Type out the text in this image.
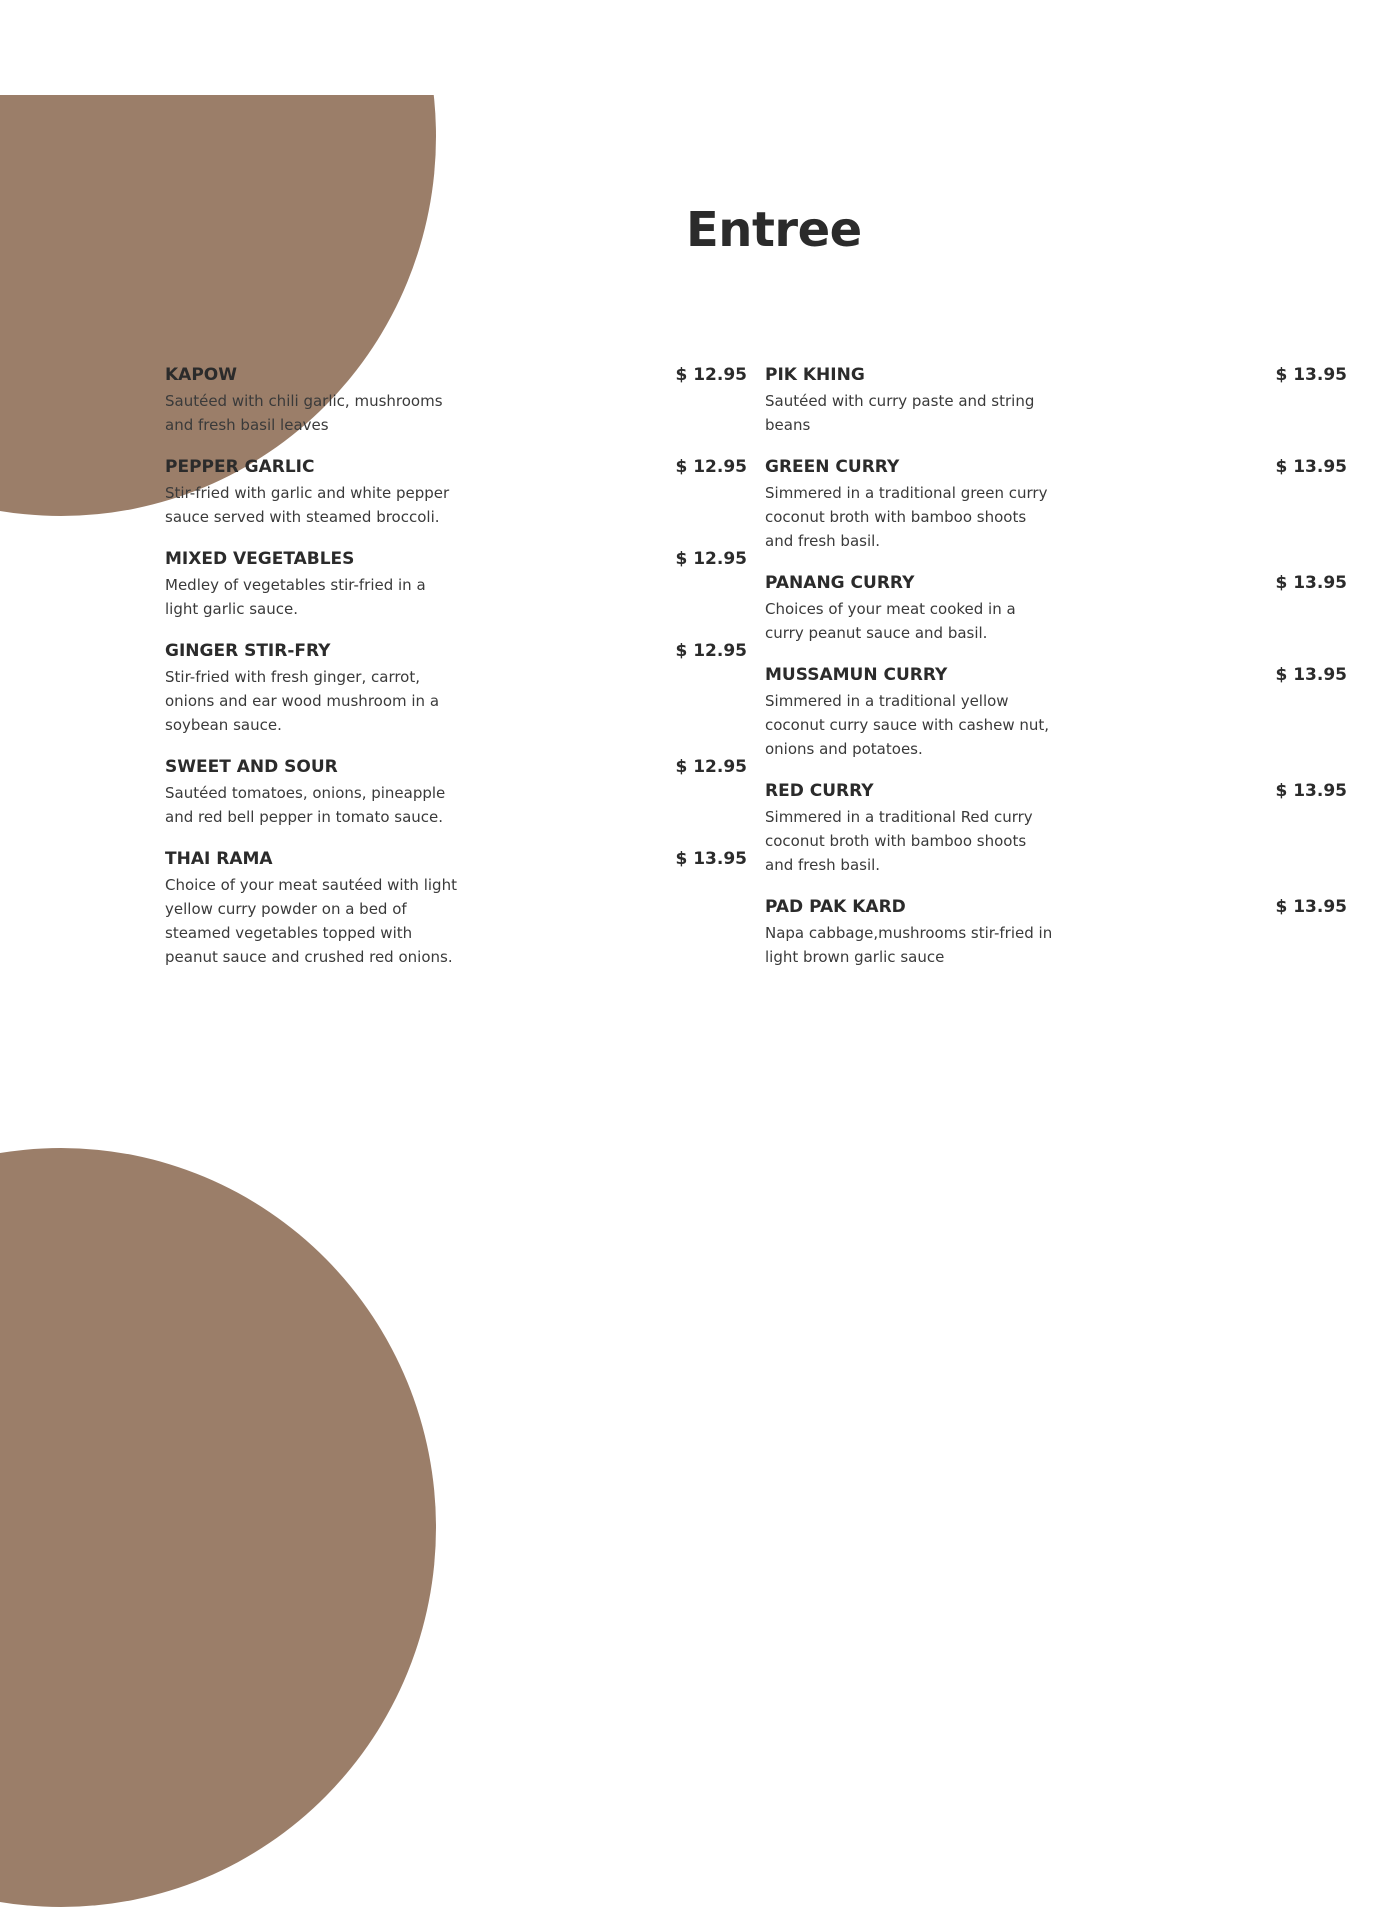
Entree
KAPOW	$ 12.95
Sautéed with chili garlic, mushrooms and fresh basil leaves
PEPPER GARLIC	$ 12.95
Stir-fried with garlic and white pepper sauce served with steamed broccoli.
MIXED VEGETABLES	$ 12.95
Medley of vegetables stir-fried in a light garlic sauce.
GINGER STIR-FRY	$ 12.95
Stir-fried with fresh ginger, carrot, onions and ear wood mushroom in a soybean sauce.
SWEET AND SOUR	$ 12.95
Sautéed tomatoes, onions, pineapple and red bell pepper in tomato sauce.
THAI RAMA	$ 13.95
Choice of your meat sautéed with light yellow curry powder on a bed of steamed vegetables topped with peanut sauce and crushed red onions.
PIK KHING	$ 13.95
Sautéed with curry paste and string beans
GREEN CURRY	$ 13.95
Simmered in a traditional green curry coconut broth with bamboo shoots and fresh basil.
PANANG CURRY	$ 13.95
Choices of your meat cooked in a curry peanut sauce and basil.
MUSSAMUN CURRY	$ 13.95
Simmered in a traditional yellow coconut curry sauce with cashew nut, onions and potatoes.
RED CURRY	$ 13.95
Simmered in a traditional Red curry coconut broth with bamboo shoots and fresh basil.
PAD PAK KARD	$ 13.95
Napa cabbage,mushrooms stir-fried in light brown garlic sauce
